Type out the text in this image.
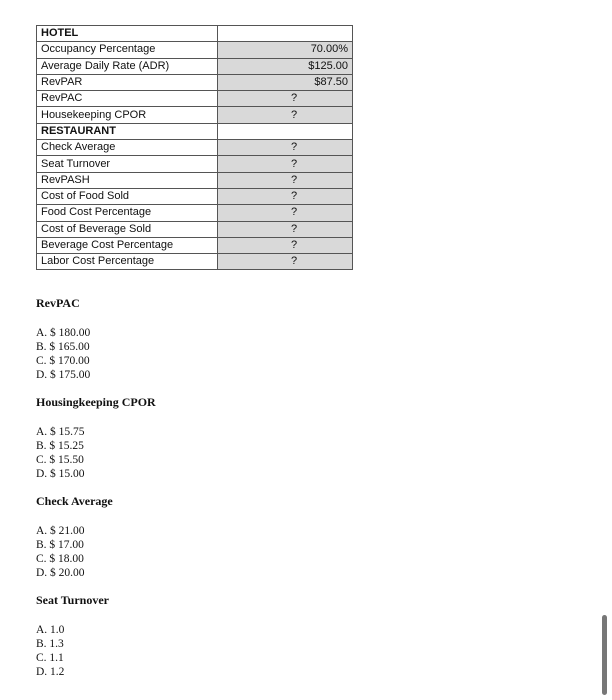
HOTEL	
Occupancy Percentage	70.00%
Average Daily Rate (ADR)	$125.00
RevPAR	$87.50
RevPAC	?
Housekeeping CPOR	?
RESTAURANT	
Check Average	?
Seat Turnover	?
RevPASH	?
Cost of Food Sold	?
Food Cost Percentage	?
Cost of Beverage Sold	?
Beverage Cost Percentage	?
Labor Cost Percentage	?
RevPAC
A. $ 180.00
B. $ 165.00
C. $ 170.00
D. $ 175.00
Housingkeeping CPOR
A. $ 15.75
B. $ 15.25
C. $ 15.50
D. $ 15.00
Check Average
A. $ 21.00
B. $ 17.00
C. $ 18.00
D. $ 20.00
Seat Turnover
A. 1.0
B. 1.3
C. 1.1
D. 1.2
